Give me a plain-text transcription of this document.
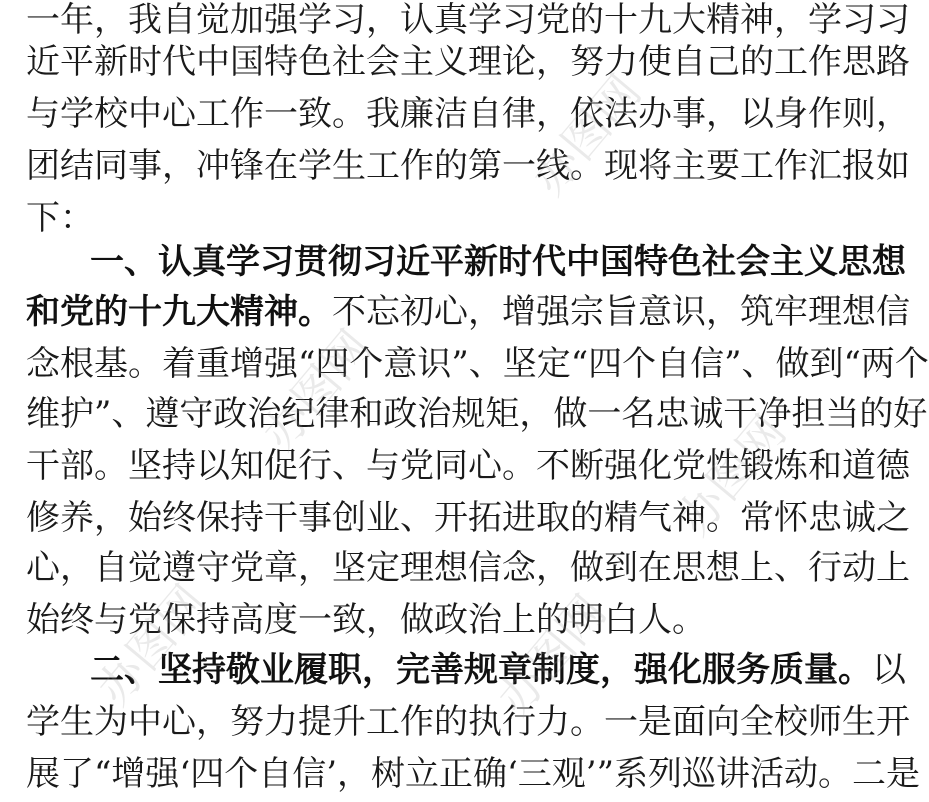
一年，我自觉加强学习，认真学习党的十九大精神，学习习
近平新时代中国特色社会主义理论，努力使自己的工作思路
与学校中心工作一致。我廉洁自律，依法办事，以身作则，
团结同事，冲锋在学生工作的第一线。现将主要工作汇报如
下：
一、认真学习贯彻习近平新时代中国特色社会主义思想
和党的十九大精神。不忘初心，增强宗旨意识，筑牢理想信
念根基。着重增强“四个意识”、坚定“四个自信”、做到“两个
维护”、遵守政治纪律和政治规矩，做一名忠诚干净担当的好
干部。坚持以知促行、与党同心。不断强化党性锻炼和道德
修养，始终保持干事创业、开拓进取的精气神。常怀忠诚之
心，自觉遵守党章，坚定理想信念，做到在思想上、行动上
始终与党保持高度一致，做政治上的明白人。
二、坚持敬业履职，完善规章制度，强化服务质量。以
学生为中心，努力提升工作的执行力。一是面向全校师生开
展了“增强‘四个自信’，树立正确‘三观’”系列巡讲活动。二是
办图网
办图网
办图网
办图网	办图网
